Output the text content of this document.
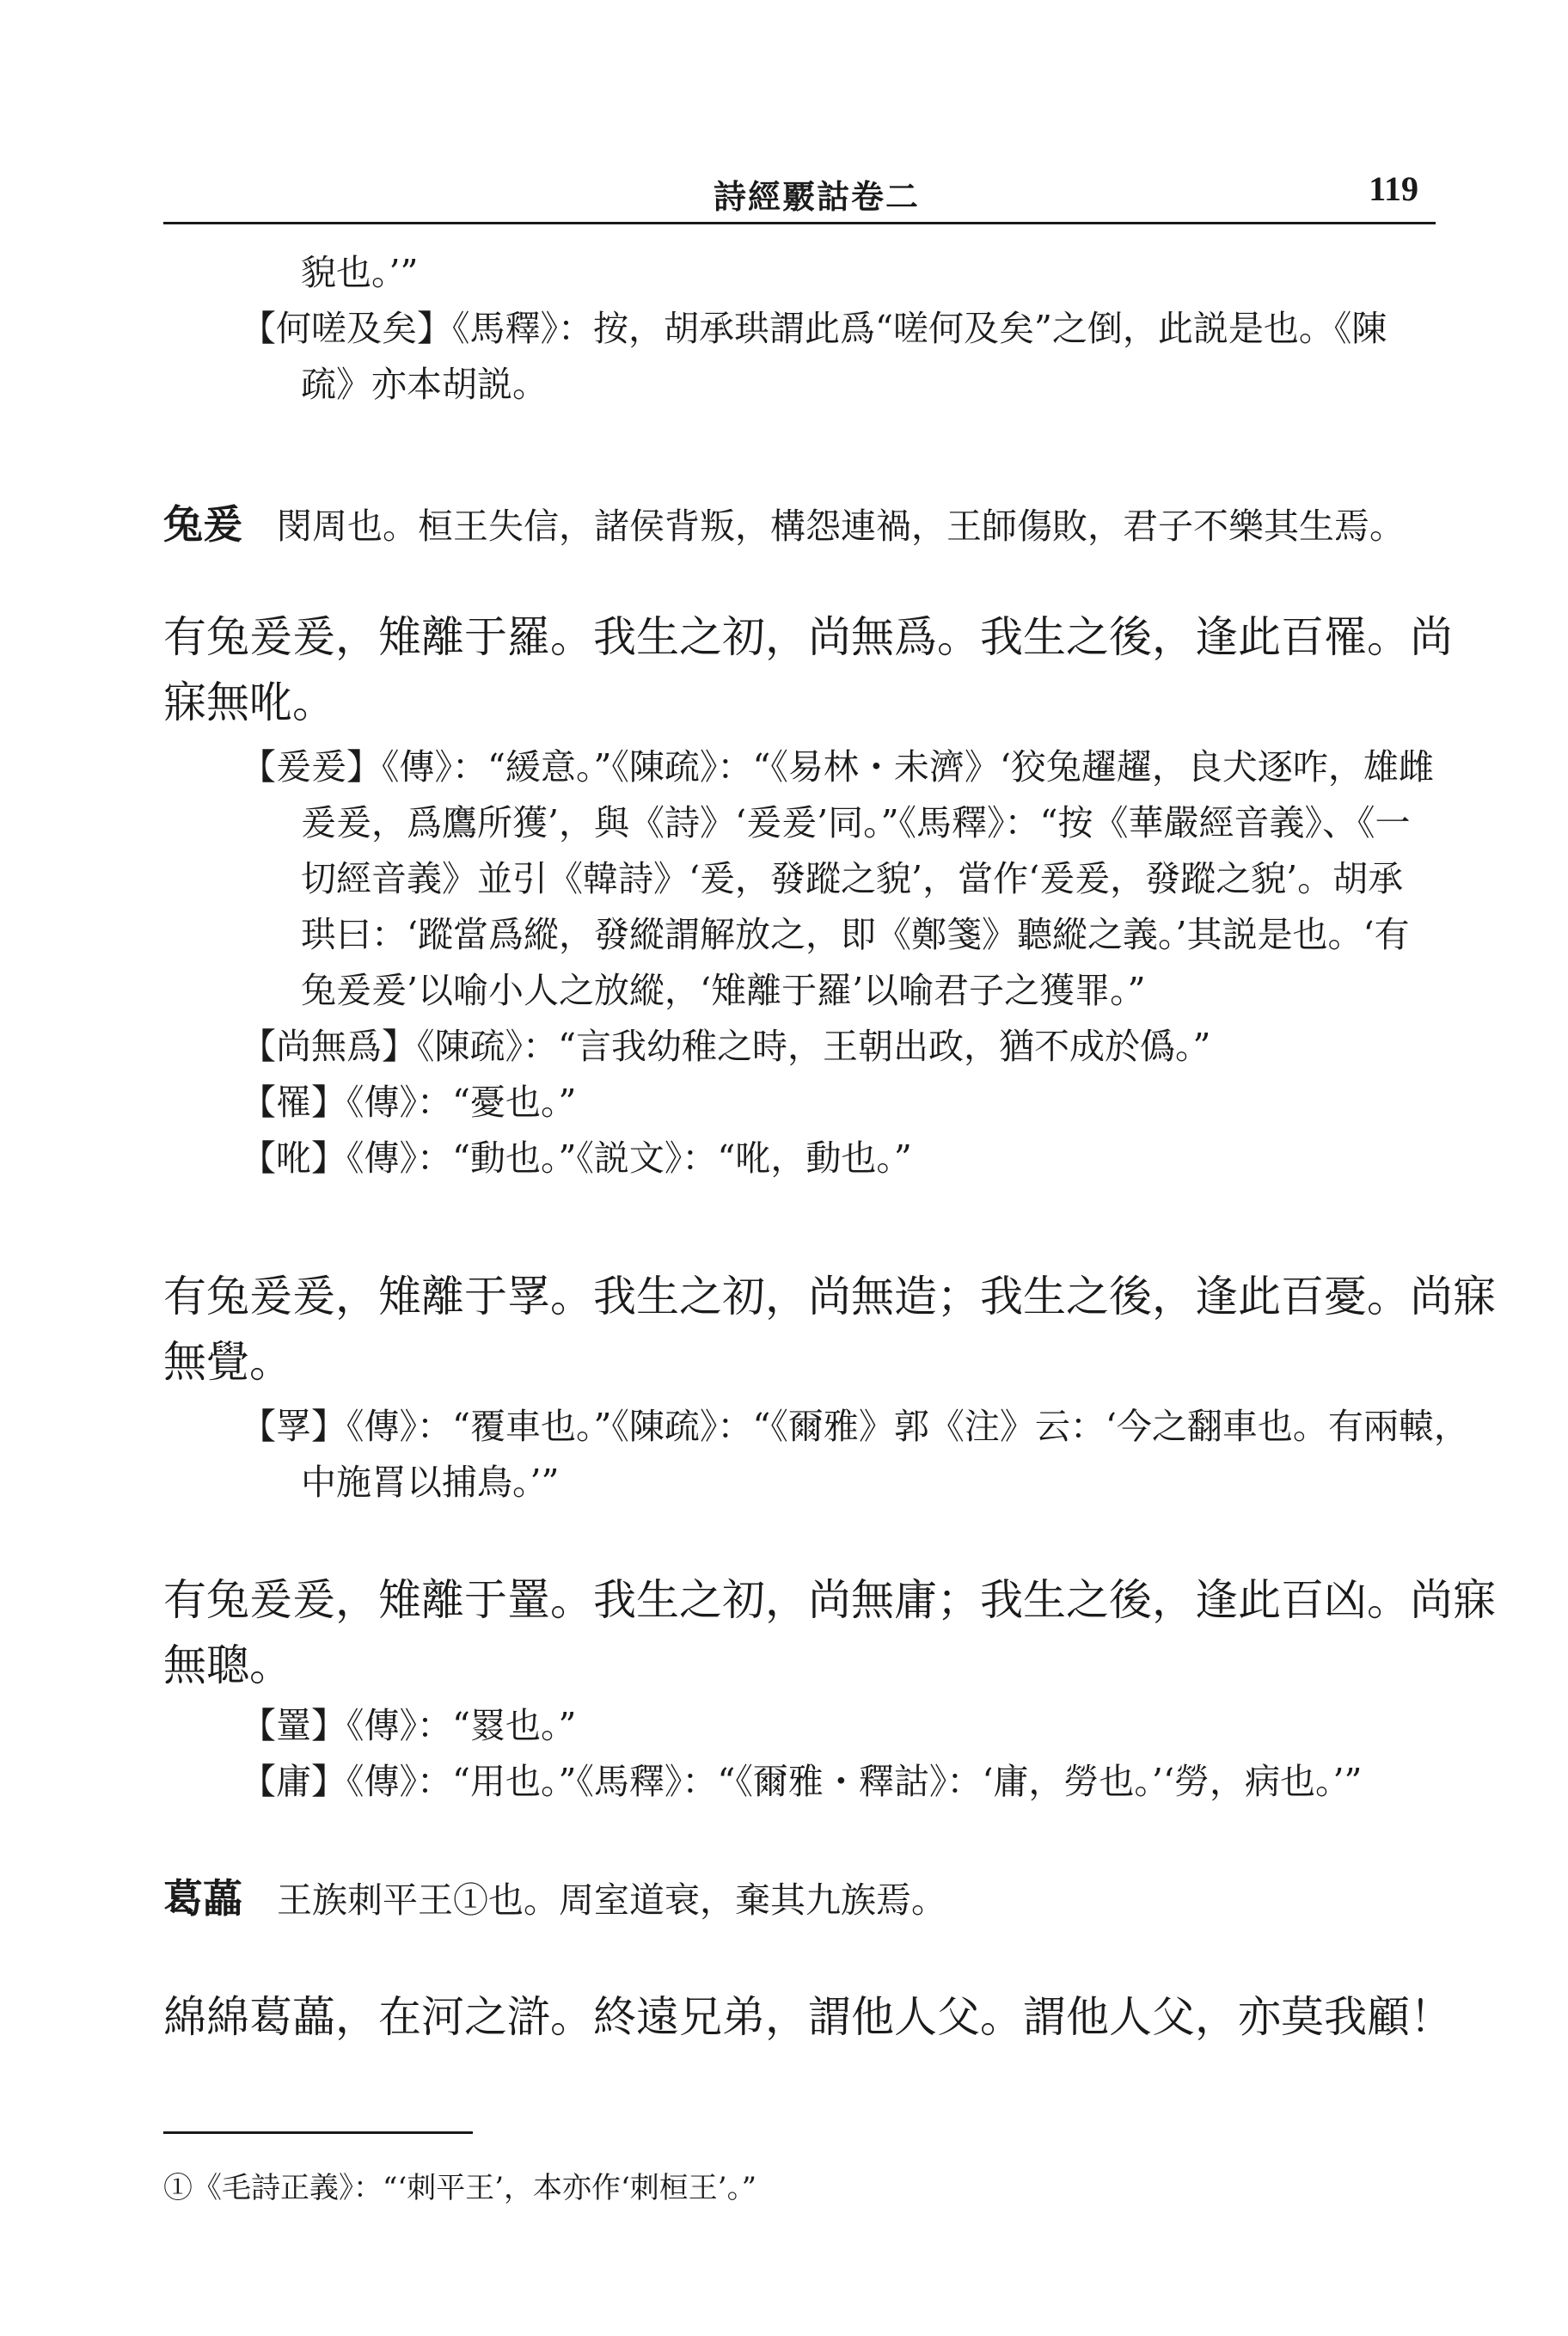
詩經覈詁卷二	119
貌也。’”
【何嗟及矣】《馬釋》：按，胡承珙謂此爲“嗟何及矣”之倒，此説是也。《陳
疏》亦本胡説。
兔爰 閔周也。桓王失信，諸侯背叛，構怨連禍，王師傷敗，君子不樂其生焉。
有兔爰爰，雉離于羅。我生之初，尚無爲。我生之後，逢此百罹。尚
寐無吪。
【爰爰】《傳》：“緩意。”《陳疏》：“《易林・未濟》‘狡兔趯趯，良犬逐咋，雄雌
爰爰，爲鷹所獲’，與《詩》‘爰爰’同。”《馬釋》：“按《華嚴經音義》、《一
切經音義》並引《韓詩》‘爰，發蹤之貌’，當作‘爰爰，發蹤之貌’。胡承
珙曰：‘蹤當爲縱，發縱謂解放之，即《鄭箋》聽縱之義。’其説是也。‘有
兔爰爰’以喻小人之放縱，‘雉離于羅’以喻君子之獲罪。”
【尚無爲】《陳疏》：“言我幼稚之時，王朝出政，猶不成於僞。”
【罹】《傳》：“憂也。”
【吪】《傳》：“動也。”《説文》：“吪，動也。”
有兔爰爰，雉離于罦。我生之初，尚無造；我生之後，逢此百憂。尚寐
無覺。
【罦】《傳》：“覆車也。”《陳疏》：“《爾雅》郭《注》云：‘今之翻車也。有兩轅，
中施罥以捕鳥。’”
有兔爰爰，雉離于罿。我生之初，尚無庸；我生之後，逢此百凶。尚寐
無聰。
【罿】《傳》：“罬也。”
【庸】《傳》：“用也。”《馬釋》：“《爾雅・釋詁》：‘庸，勞也。’‘勞，病也。’”
葛藟 王族刺平王①也。周室道衰，棄其九族焉。
綿綿葛藟，在河之滸。終遠兄弟，謂他人父。謂他人父，亦莫我顧！
①《毛詩正義》：“‘刺平王’，本亦作‘刺桓王’。”
